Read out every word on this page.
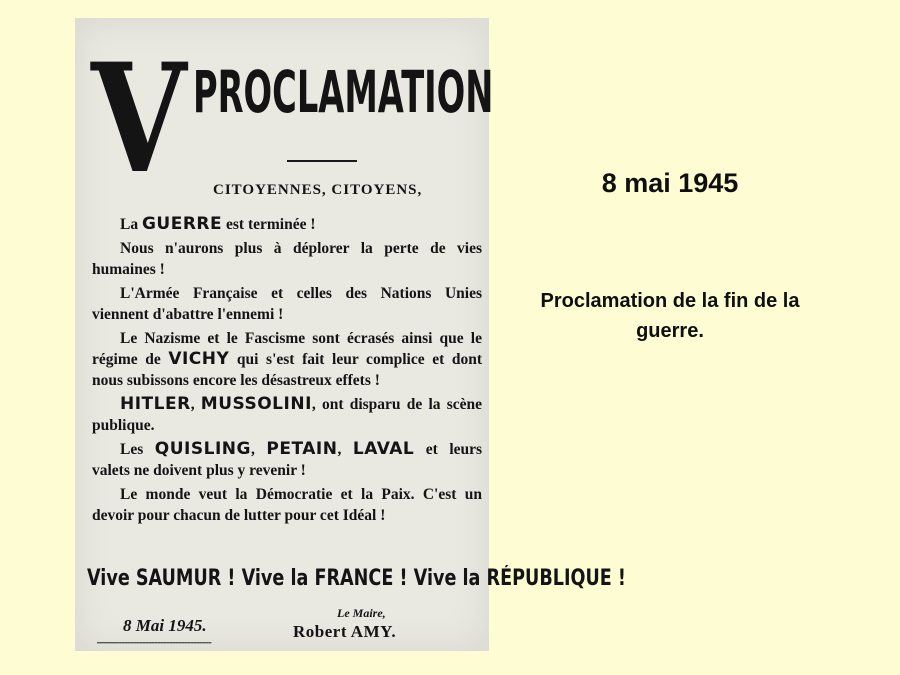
V PROCLAMATION
CITOYENNES, CITOYENS,

La GUERRE est terminée !

Nous n'aurons plus à déplorer la perte de vies humaines !

L'Armée Française et celles des Nations Unies viennent d'abattre l'ennemi !

Le Nazisme et le Fascisme sont écrasés ainsi que le régime de VICHY qui s'est fait leur complice et dont nous subissons encore les désastreux effets !

HITLER, MUSSOLINI, ont disparu de la scène publique.

Les QUISLING, PETAIN, LAVAL et leurs valets ne doivent plus y revenir !

Le monde veut la Démocratie et la Paix. C'est un devoir pour chacun de lutter pour cet Idéal !

Vive SAUMUR ! Vive la FRANCE ! Vive la RÉPUBLIQUE !
8 Mai 1945.
Le Maire,
Robert AMY.
▬▬▬▬▬▬▬▬▬▬▬▬▬▬▬▬▬▬▬▬▬▬▬▬▬▬▬▬▬▬▬▬▬▬▬▬▬▬
8 mai 1945
Proclamation de la fin de la guerre.
